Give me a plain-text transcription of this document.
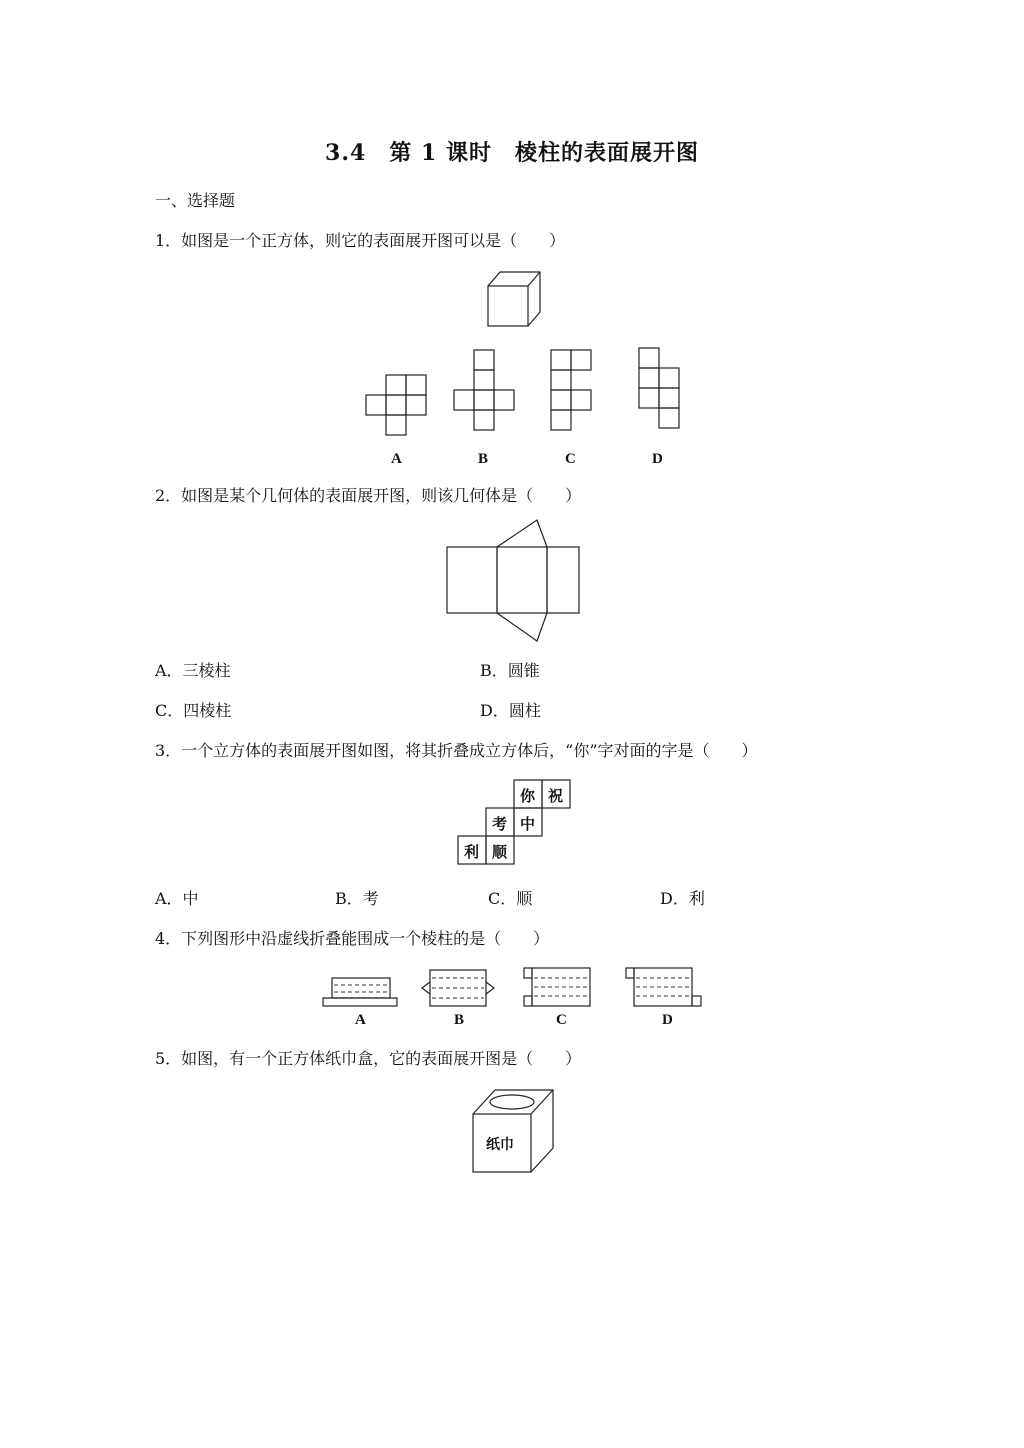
3.4　第 1 课时　棱柱的表面展开图
一、选择题
1．如图是一个正方体，则它的表面展开图可以是（　　）
A	B	C	D
2．如图是某个几何体的表面展开图，则该几何体是（　　）
A．三棱柱	B．圆锥
C．四棱柱	D．圆柱
3．一个立方体的表面展开图如图，将其折叠成立方体后，“你”字对面的字是（　　）
你 祝
考 中
利 顺
A．中	B．考	C．顺	D．利
4．下列图形中沿虚线折叠能围成一个棱柱的是（　　）
A	B	C	D
5．如图，有一个正方体纸巾盒，它的表面展开图是（　　）
纸巾
